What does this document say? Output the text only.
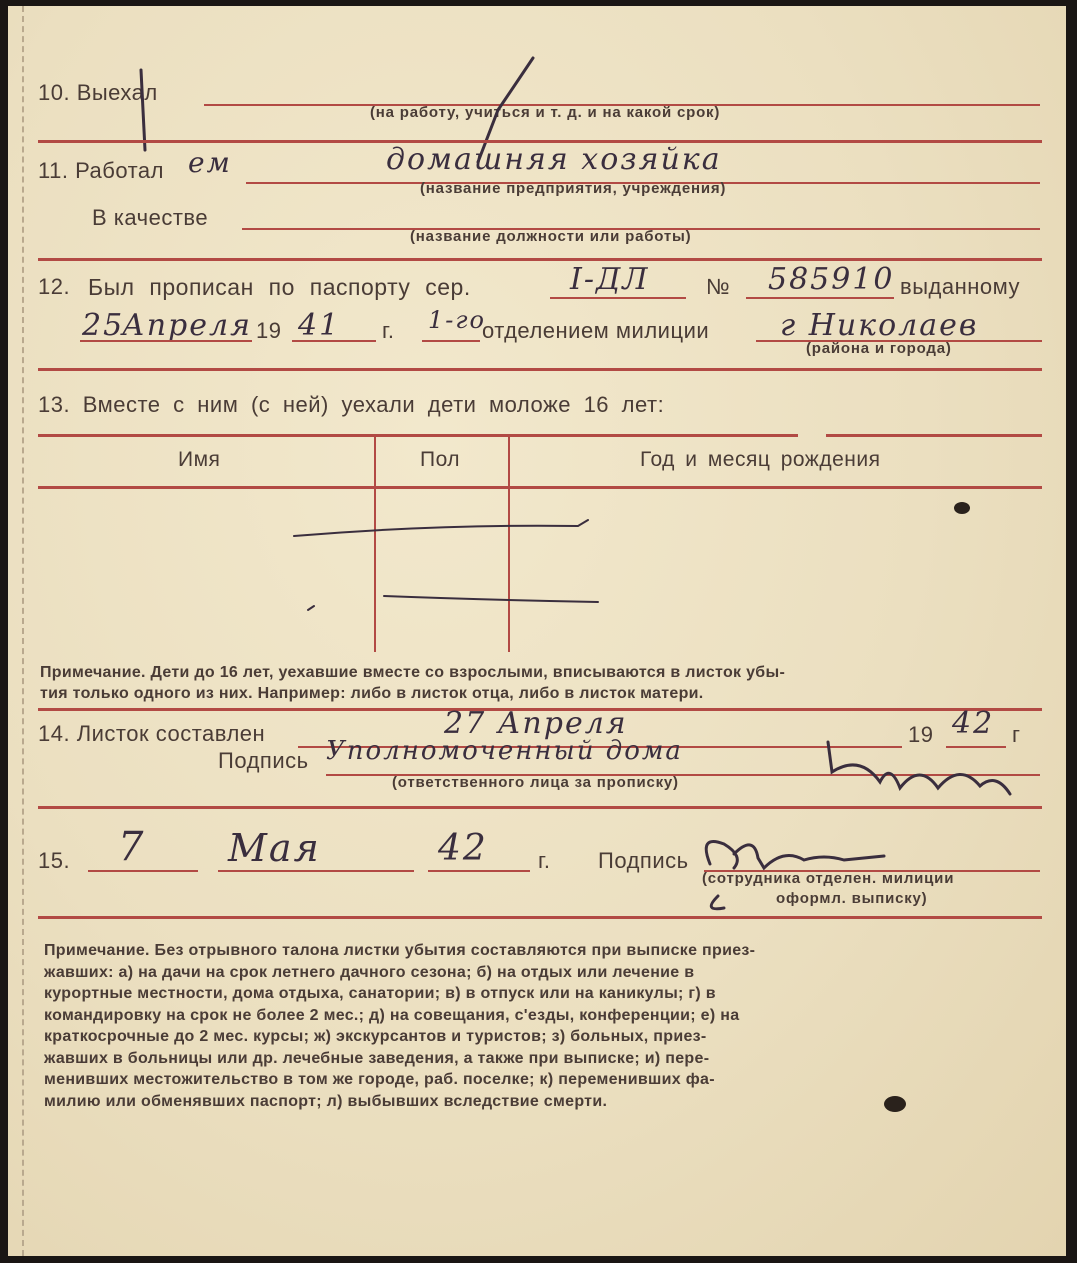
10. Выехал
(на работу, учиться и т. д. и на какой срок)
11. Работал ем	домашняя хозяйка
(название предприятия, учреждения)
В качестве
(название должности или работы)
12. Был прописан по паспорту сер.	I-ДЛ	№ 585910 выданному
25
Апреля 19 41 г. 1-го
отделением милиции г Николаев
(района и города)
13. Вместе с ним (с ней) уехали дети моложе 16 лет:
Имя	Пол	Год и месяц рождения
Примечание. Дети до 16 лет, уехавшие вместе со взрослыми, вписываются в листок убы-
тия только одного из них. Например: либо в листок отца, либо в листок матери.
14. Листок составлен	27 Апреля	19 42 г
Подпись Уполномоченный дома
(ответственного лица за прописку)
15. 7 Мая	42 г. Подпись
(сотрудника отделен. милиции
оформл. выписку)
Примечание. Без отрывного талона листки убытия составляются при выписке приез-
жавших: а) на дачи на срок летнего дачного сезона; б) на отдых или лечение в
курортные местности, дома отдыха, санатории; в) в отпуск или на каникулы; г) в
командировку на срок не более 2 мес.; д) на совещания, с'езды, конференции; е) на
краткосрочные до 2 мес. курсы; ж) экскурсантов и туристов; з) больных, приез-
жавших в больницы или др. лечебные заведения, а также при выписке; и) пере-
менивших местожительство в том же городе, раб. поселке; к) переменивших фа-
милию или обменявших паспорт; л) выбывших вследствие смерти.
